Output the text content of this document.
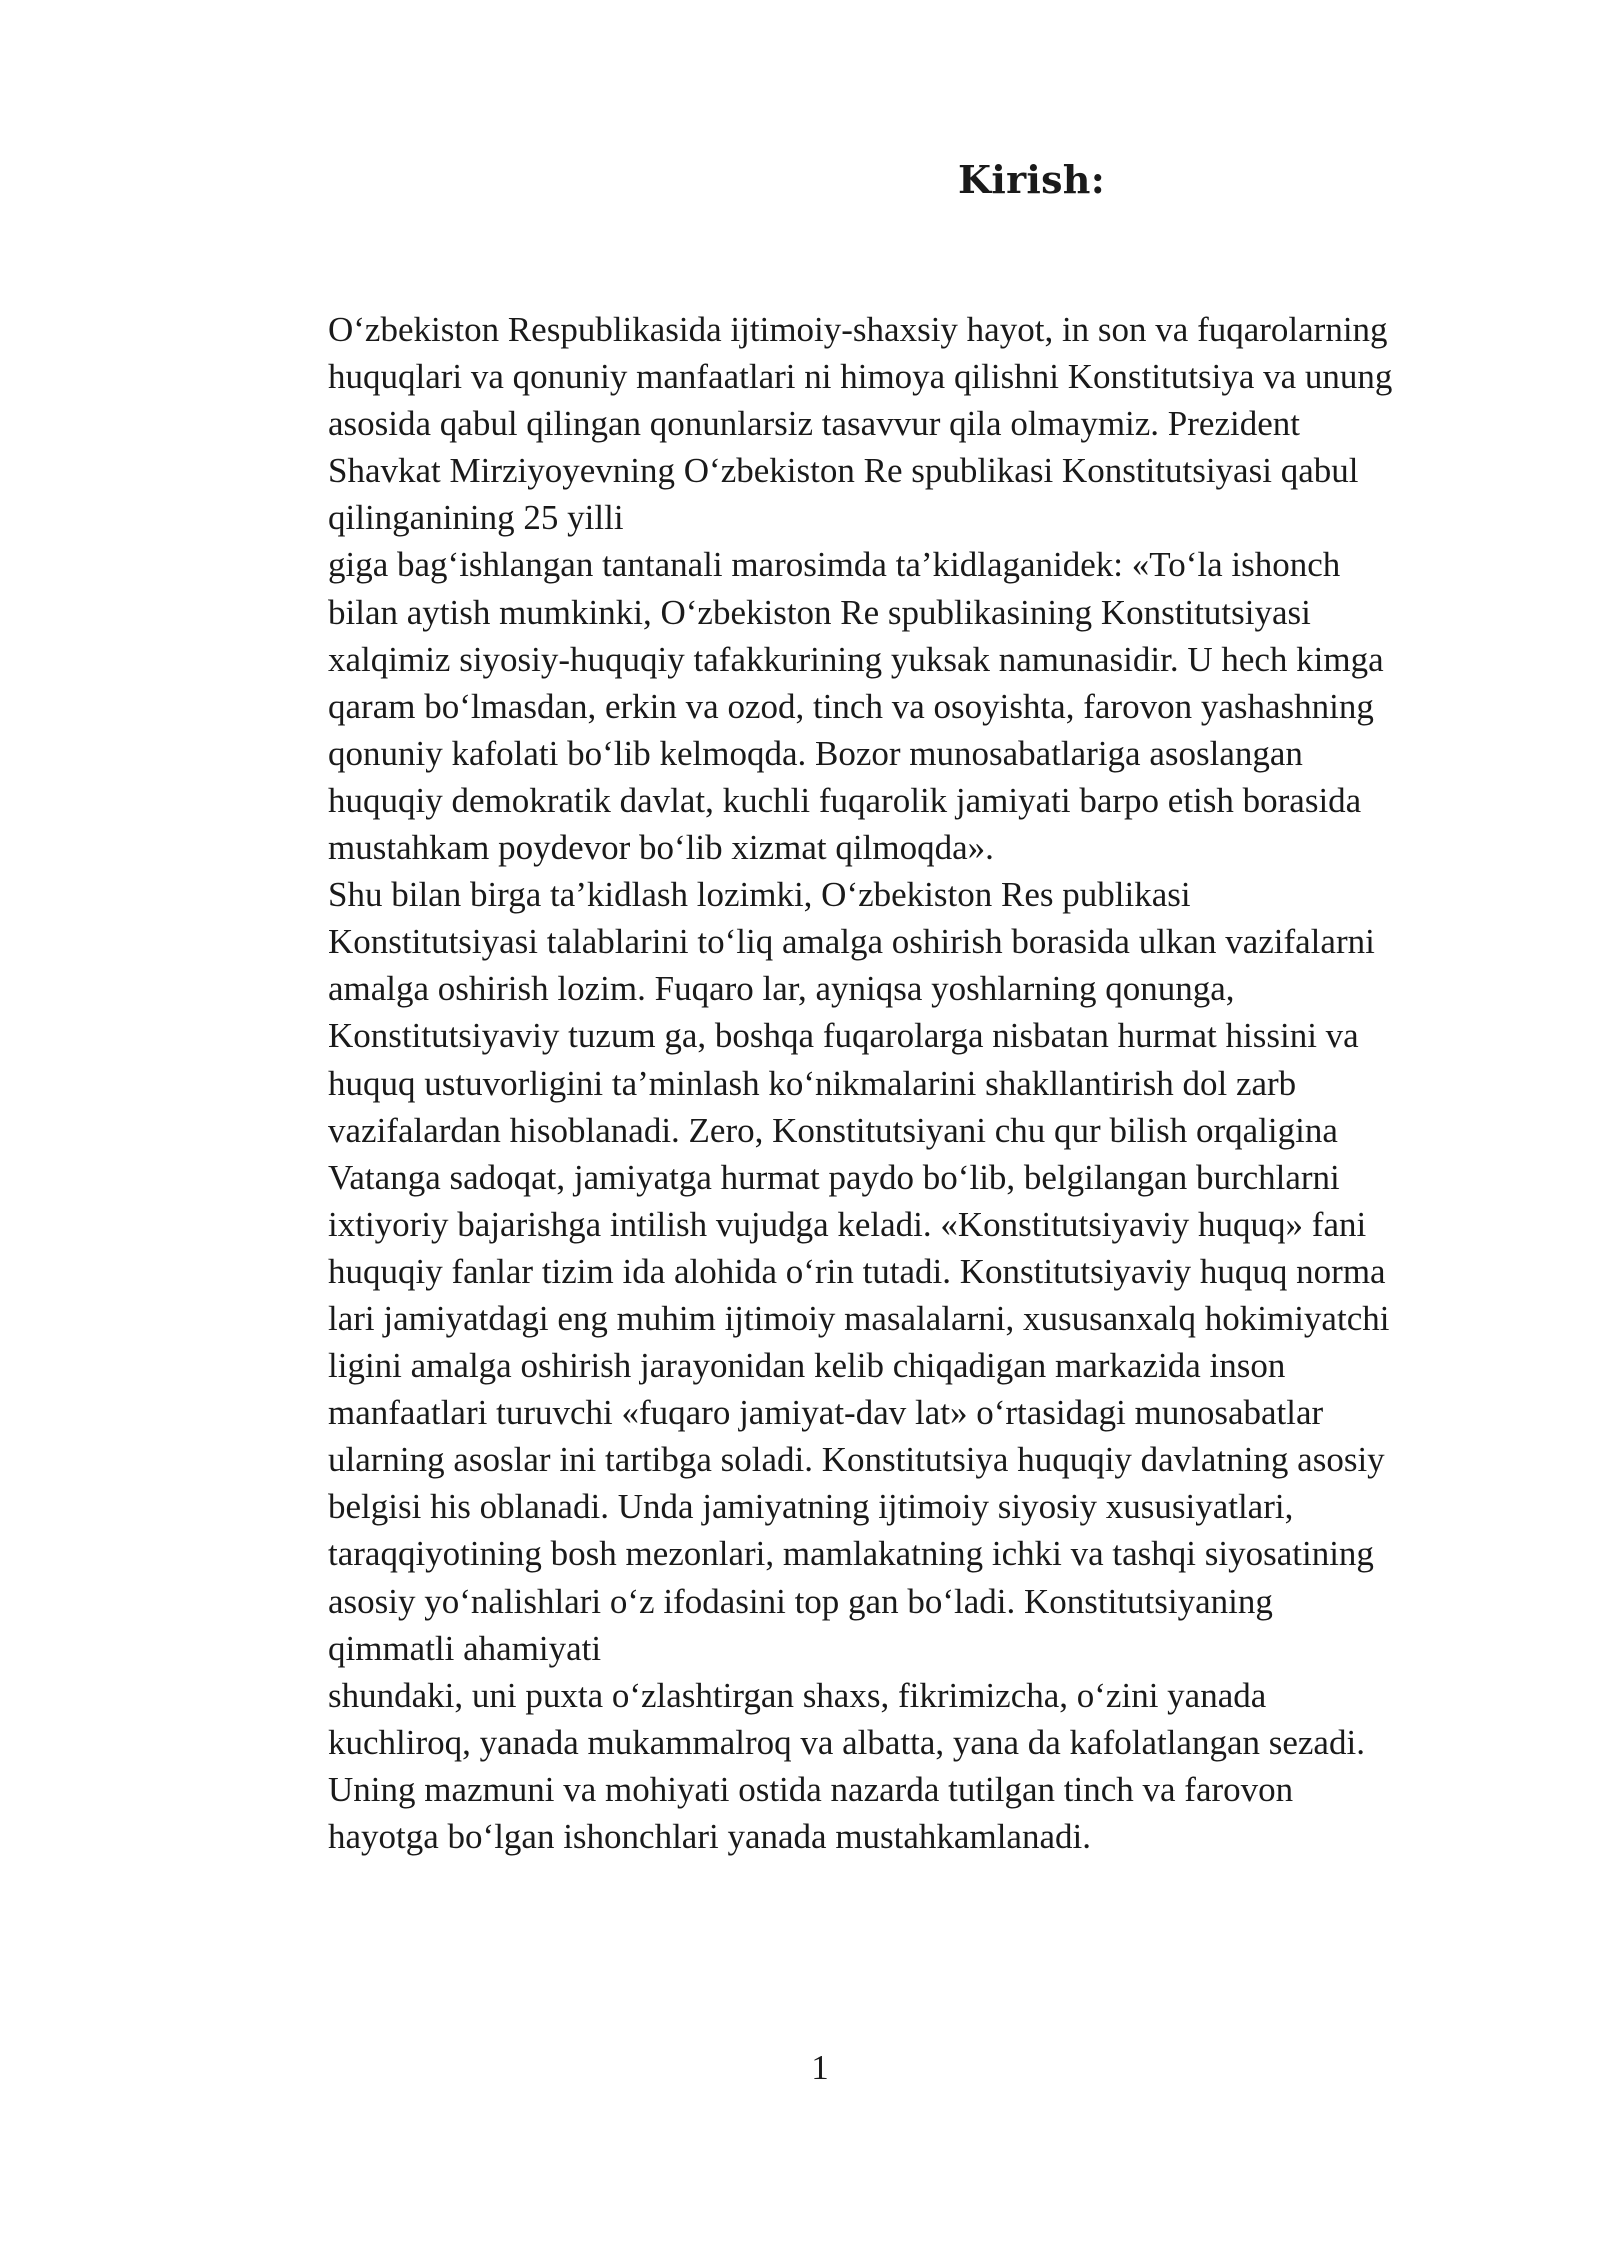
Kirish:
O‘zbekiston Respublikasida ijtimoiy-shaxsiy hayot, in son va fuqarolarning
huquqlari va qonuniy manfaatlari ni himoya qilishni Konstitutsiya va unung
asosida qabul qilingan qonunlarsiz tasavvur qila olmaymiz. Prezident
Shavkat Mirziyoyevning O‘zbekiston Re spublikasi Konstitutsiyasi qabul
qilinganining 25 yilli
giga bag‘ishlangan tantanali marosimda ta’kidlaganidek: «To‘la ishonch
bilan aytish mumkinki, O‘zbekiston Re spublikasining Konstitutsiyasi
xalqimiz siyosiy-huquqiy tafakkurining yuksak namunasidir. U hech kimga
qaram bo‘lmasdan, erkin va ozod, tinch va osoyishta, farovon yashashning
qonuniy kafolati bo‘lib kelmoqda. Bozor munosabatlariga asoslangan
huquqiy demokratik davlat, kuchli fuqarolik jamiyati barpo etish borasida
mustahkam poydevor bo‘lib xizmat qilmoqda».
Shu bilan birga ta’kidlash lozimki, O‘zbekiston Res publikasi
Konstitutsiyasi talablarini to‘liq amalga oshirish borasida ulkan vazifalarni
amalga oshirish lozim. Fuqaro lar, ayniqsa yoshlarning qonunga,
Konstitutsiyaviy tuzum ga, boshqa fuqarolarga nisbatan hurmat hissini va
huquq ustuvorligini ta’minlash ko‘nikmalarini shakllantirish dol zarb
vazifalardan hisoblanadi. Zero, Konstitutsiyani chu qur bilish orqaligina
Vatanga sadoqat, jamiyatga hurmat paydo bo‘lib, belgilangan burchlarni
ixtiyoriy bajarishga intilish vujudga keladi. «Konstitutsiyaviy huquq» fani
huquqiy fanlar tizim ida alohida o‘rin tutadi. Konstitutsiyaviy huquq norma
lari jamiyatdagi eng muhim ijtimoiy masalalarni, xususanxalq hokimiyatchi
ligini amalga oshirish jarayonidan kelib chiqadigan markazida inson
manfaatlari turuvchi «fuqaro jamiyat-dav lat» o‘rtasidagi munosabatlar
ularning asoslar ini tartibga soladi. Konstitutsiya huquqiy davlatning asosiy
belgisi his oblanadi. Unda jamiyatning ijtimoiy siyosiy xususiyatlari,
taraqqiyotining bosh mezonlari, mamlakatning ichki va tashqi siyosatining
asosiy yo‘nalishlari o‘z ifodasini top gan bo‘ladi. Konstitutsiyaning
qimmatli ahamiyati
shundaki, uni puxta o‘zlashtirgan shaxs, fikrimizcha, o‘zini yanada
kuchliroq, yanada mukammalroq va albatta, yana da kafolatlangan sezadi.
Uning mazmuni va mohiyati ostida nazarda tutilgan tinch va farovon
hayotga bo‘lgan ishonchlari yanada mustahkamlanadi.
1
